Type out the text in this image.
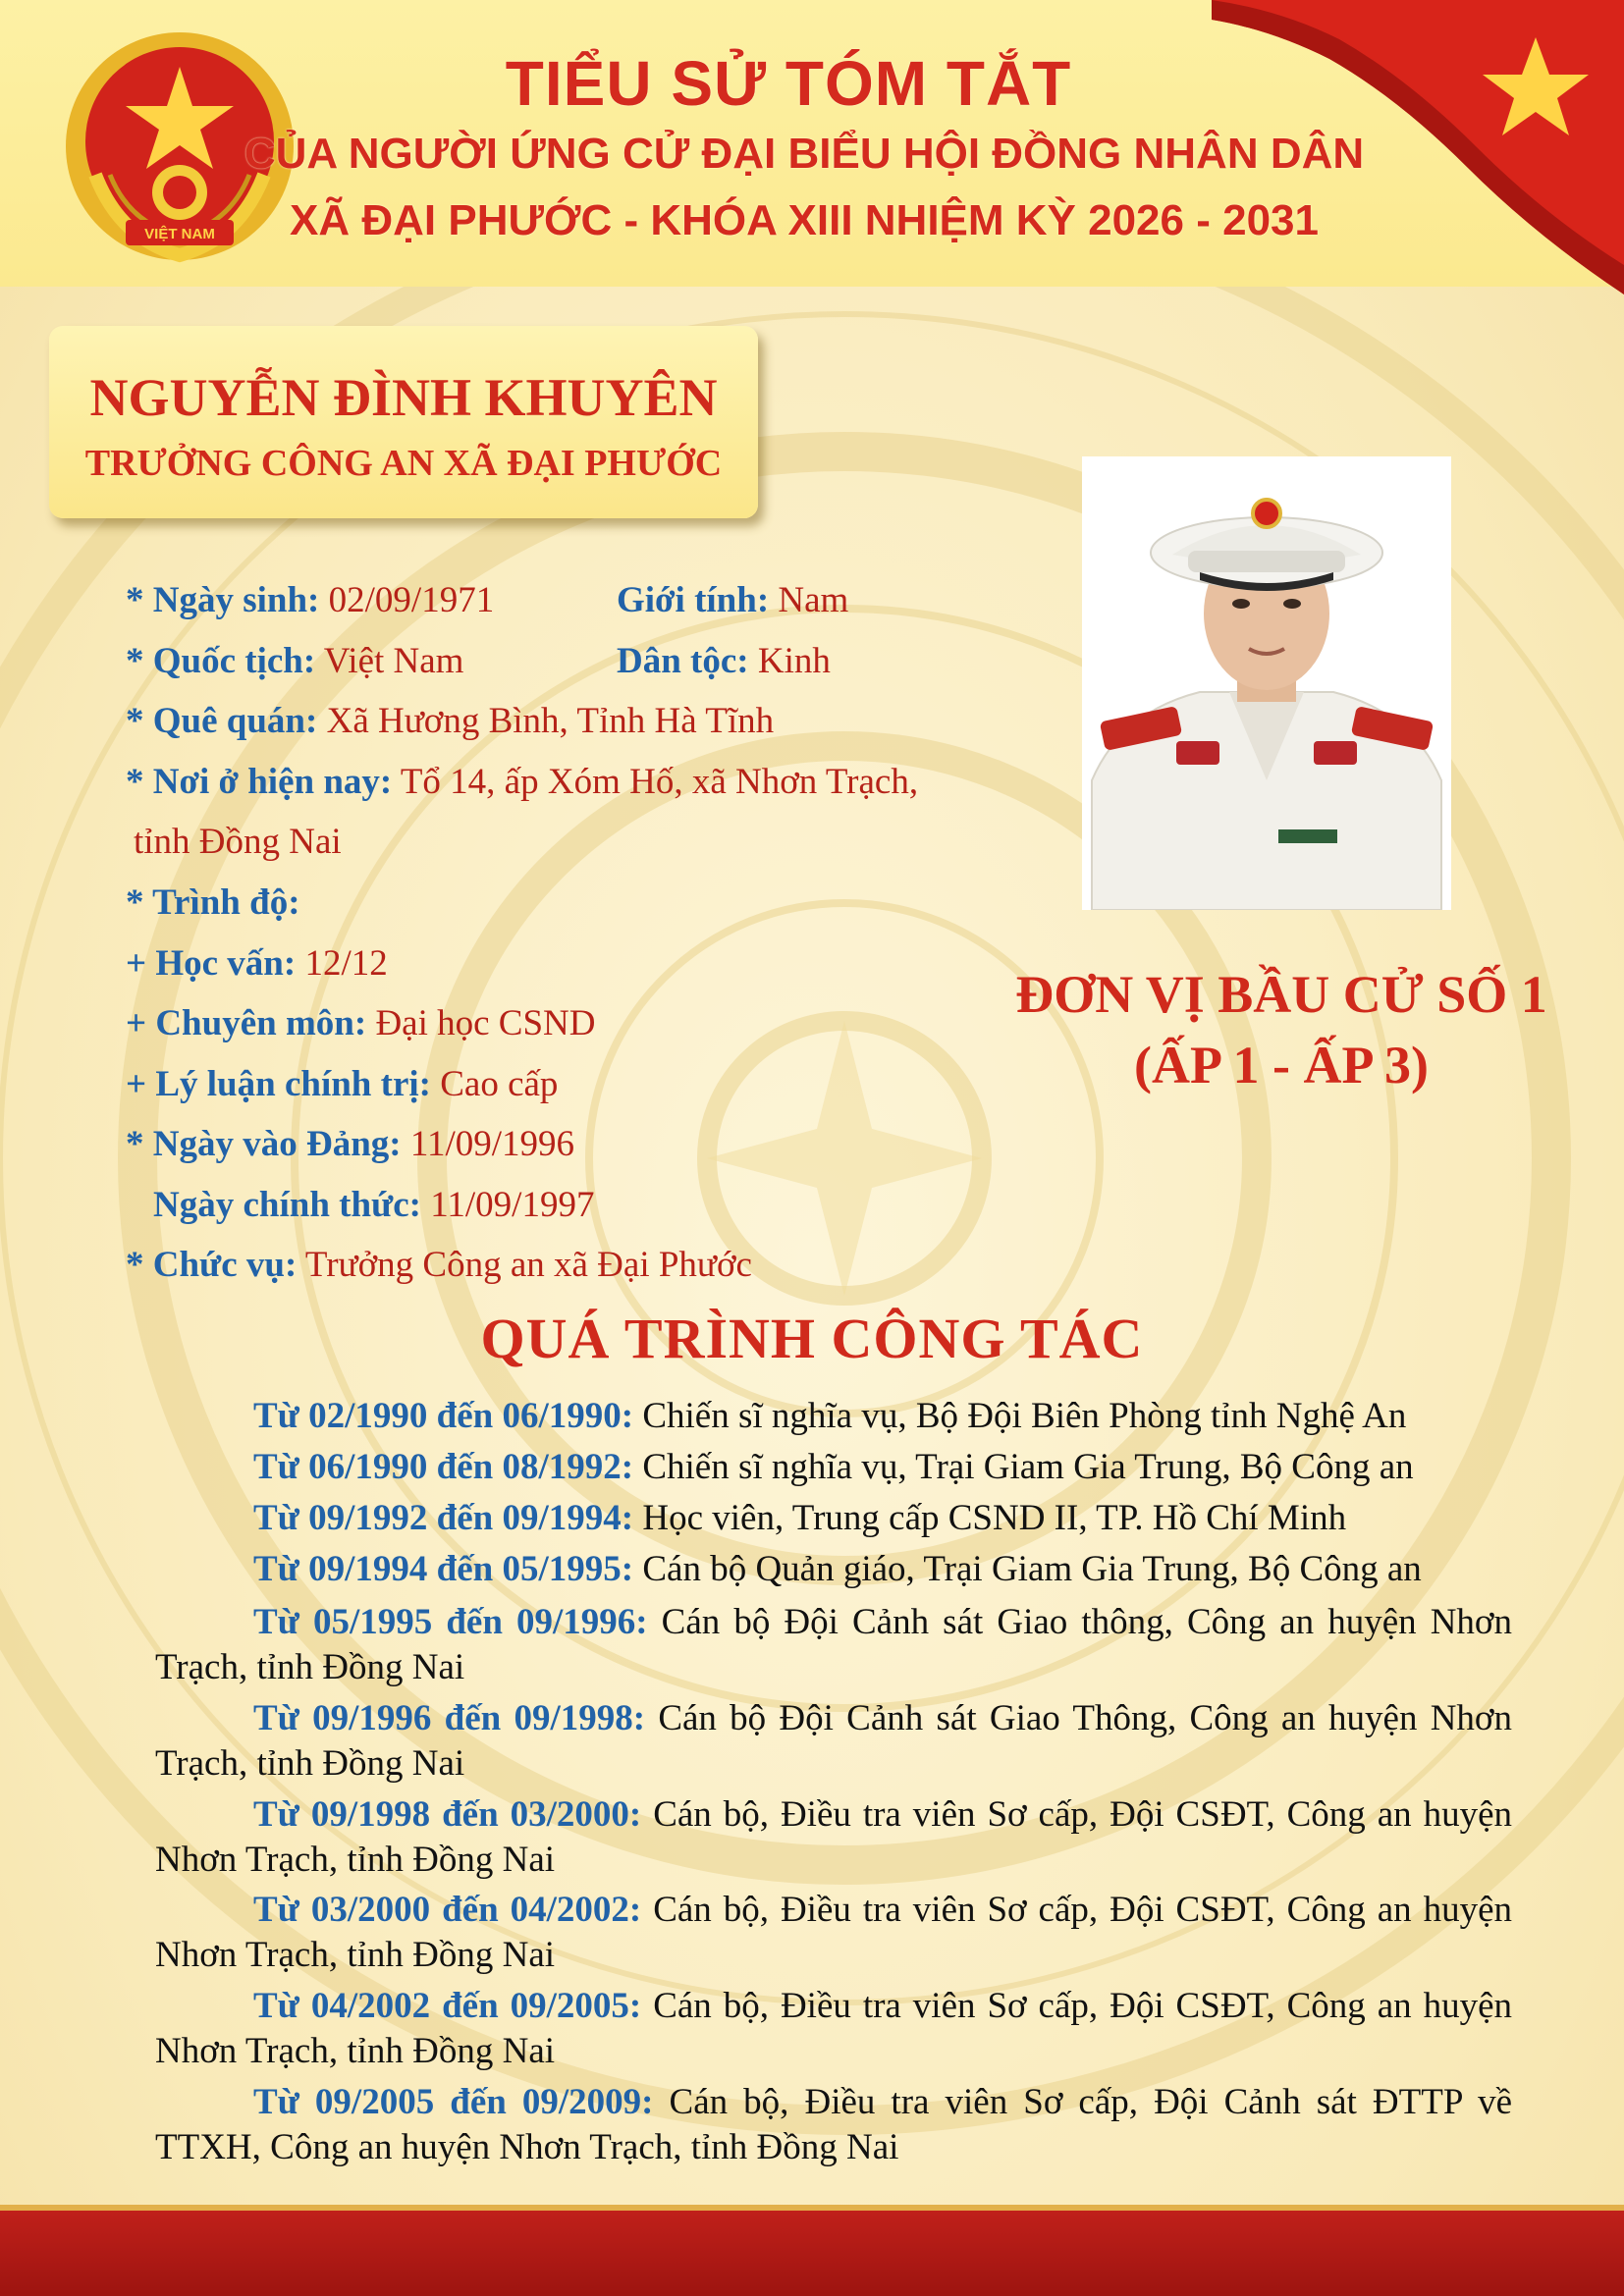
VIỆT NAM
TIỂU SỬ TÓM TẮT
CỦA NGƯỜI ỨNG CỬ ĐẠI BIỂU HỘI ĐỒNG NHÂN DÂN
XÃ ĐẠI PHƯỚC - KHÓA XIII NHIỆM KỲ 2026 - 2031
NGUYỄN ĐÌNH KHUYÊN
TRƯỞNG CÔNG AN XÃ ĐẠI PHƯỚC
* Ngày sinh: 02/09/1971	Giới tính: Nam
* Quốc tịch: Việt Nam	Dân tộc: Kinh
* Quê quán: Xã Hương Bình, Tỉnh Hà Tĩnh
* Nơi ở hiện nay: Tổ 14, ấp Xóm Hố, xã Nhơn Trạch,
tỉnh Đồng Nai
* Trình độ:
+ Học vấn: 12/12
+ Chuyên môn: Đại học CSND
+ Lý luận chính trị: Cao cấp
* Ngày vào Đảng: 11/09/1996
Ngày chính thức: 11/09/1997
* Chức vụ: Trưởng Công an xã Đại Phước
ĐƠN VỊ BẦU CỬ SỐ 1
(ẤP 1 - ẤP 3)
QUÁ TRÌNH CÔNG TÁC

Từ 02/1990 đến 06/1990: Chiến sĩ nghĩa vụ, Bộ Đội Biên Phòng tỉnh Nghệ An

Từ 06/1990 đến 08/1992: Chiến sĩ nghĩa vụ, Trại Giam Gia Trung, Bộ Công an

Từ 09/1992 đến 09/1994: Học viên, Trung cấp CSND II, TP. Hồ Chí Minh

Từ 09/1994 đến 05/1995: Cán bộ Quản giáo, Trại Giam Gia Trung, Bộ Công an

Từ 05/1995 đến 09/1996: Cán bộ Đội Cảnh sát Giao thông, Công an huyện Nhơn Trạch, tỉnh Đồng Nai

Từ 09/1996 đến 09/1998: Cán bộ Đội Cảnh sát Giao Thông, Công an huyện Nhơn Trạch, tỉnh Đồng Nai

Từ 09/1998 đến 03/2000: Cán bộ, Điều tra viên Sơ cấp, Đội CSĐT, Công an huyện Nhơn Trạch, tỉnh Đồng Nai

Từ 03/2000 đến 04/2002: Cán bộ, Điều tra viên Sơ cấp, Đội CSĐT, Công an huyện Nhơn Trạch, tỉnh Đồng Nai

Từ 04/2002 đến 09/2005: Cán bộ, Điều tra viên Sơ cấp, Đội CSĐT, Công an huyện Nhơn Trạch, tỉnh Đồng Nai

Từ 09/2005 đến 09/2009: Cán bộ, Điều tra viên Sơ cấp, Đội Cảnh sát ĐTTP về TTXH, Công an huyện Nhơn Trạch, tỉnh Đồng Nai
